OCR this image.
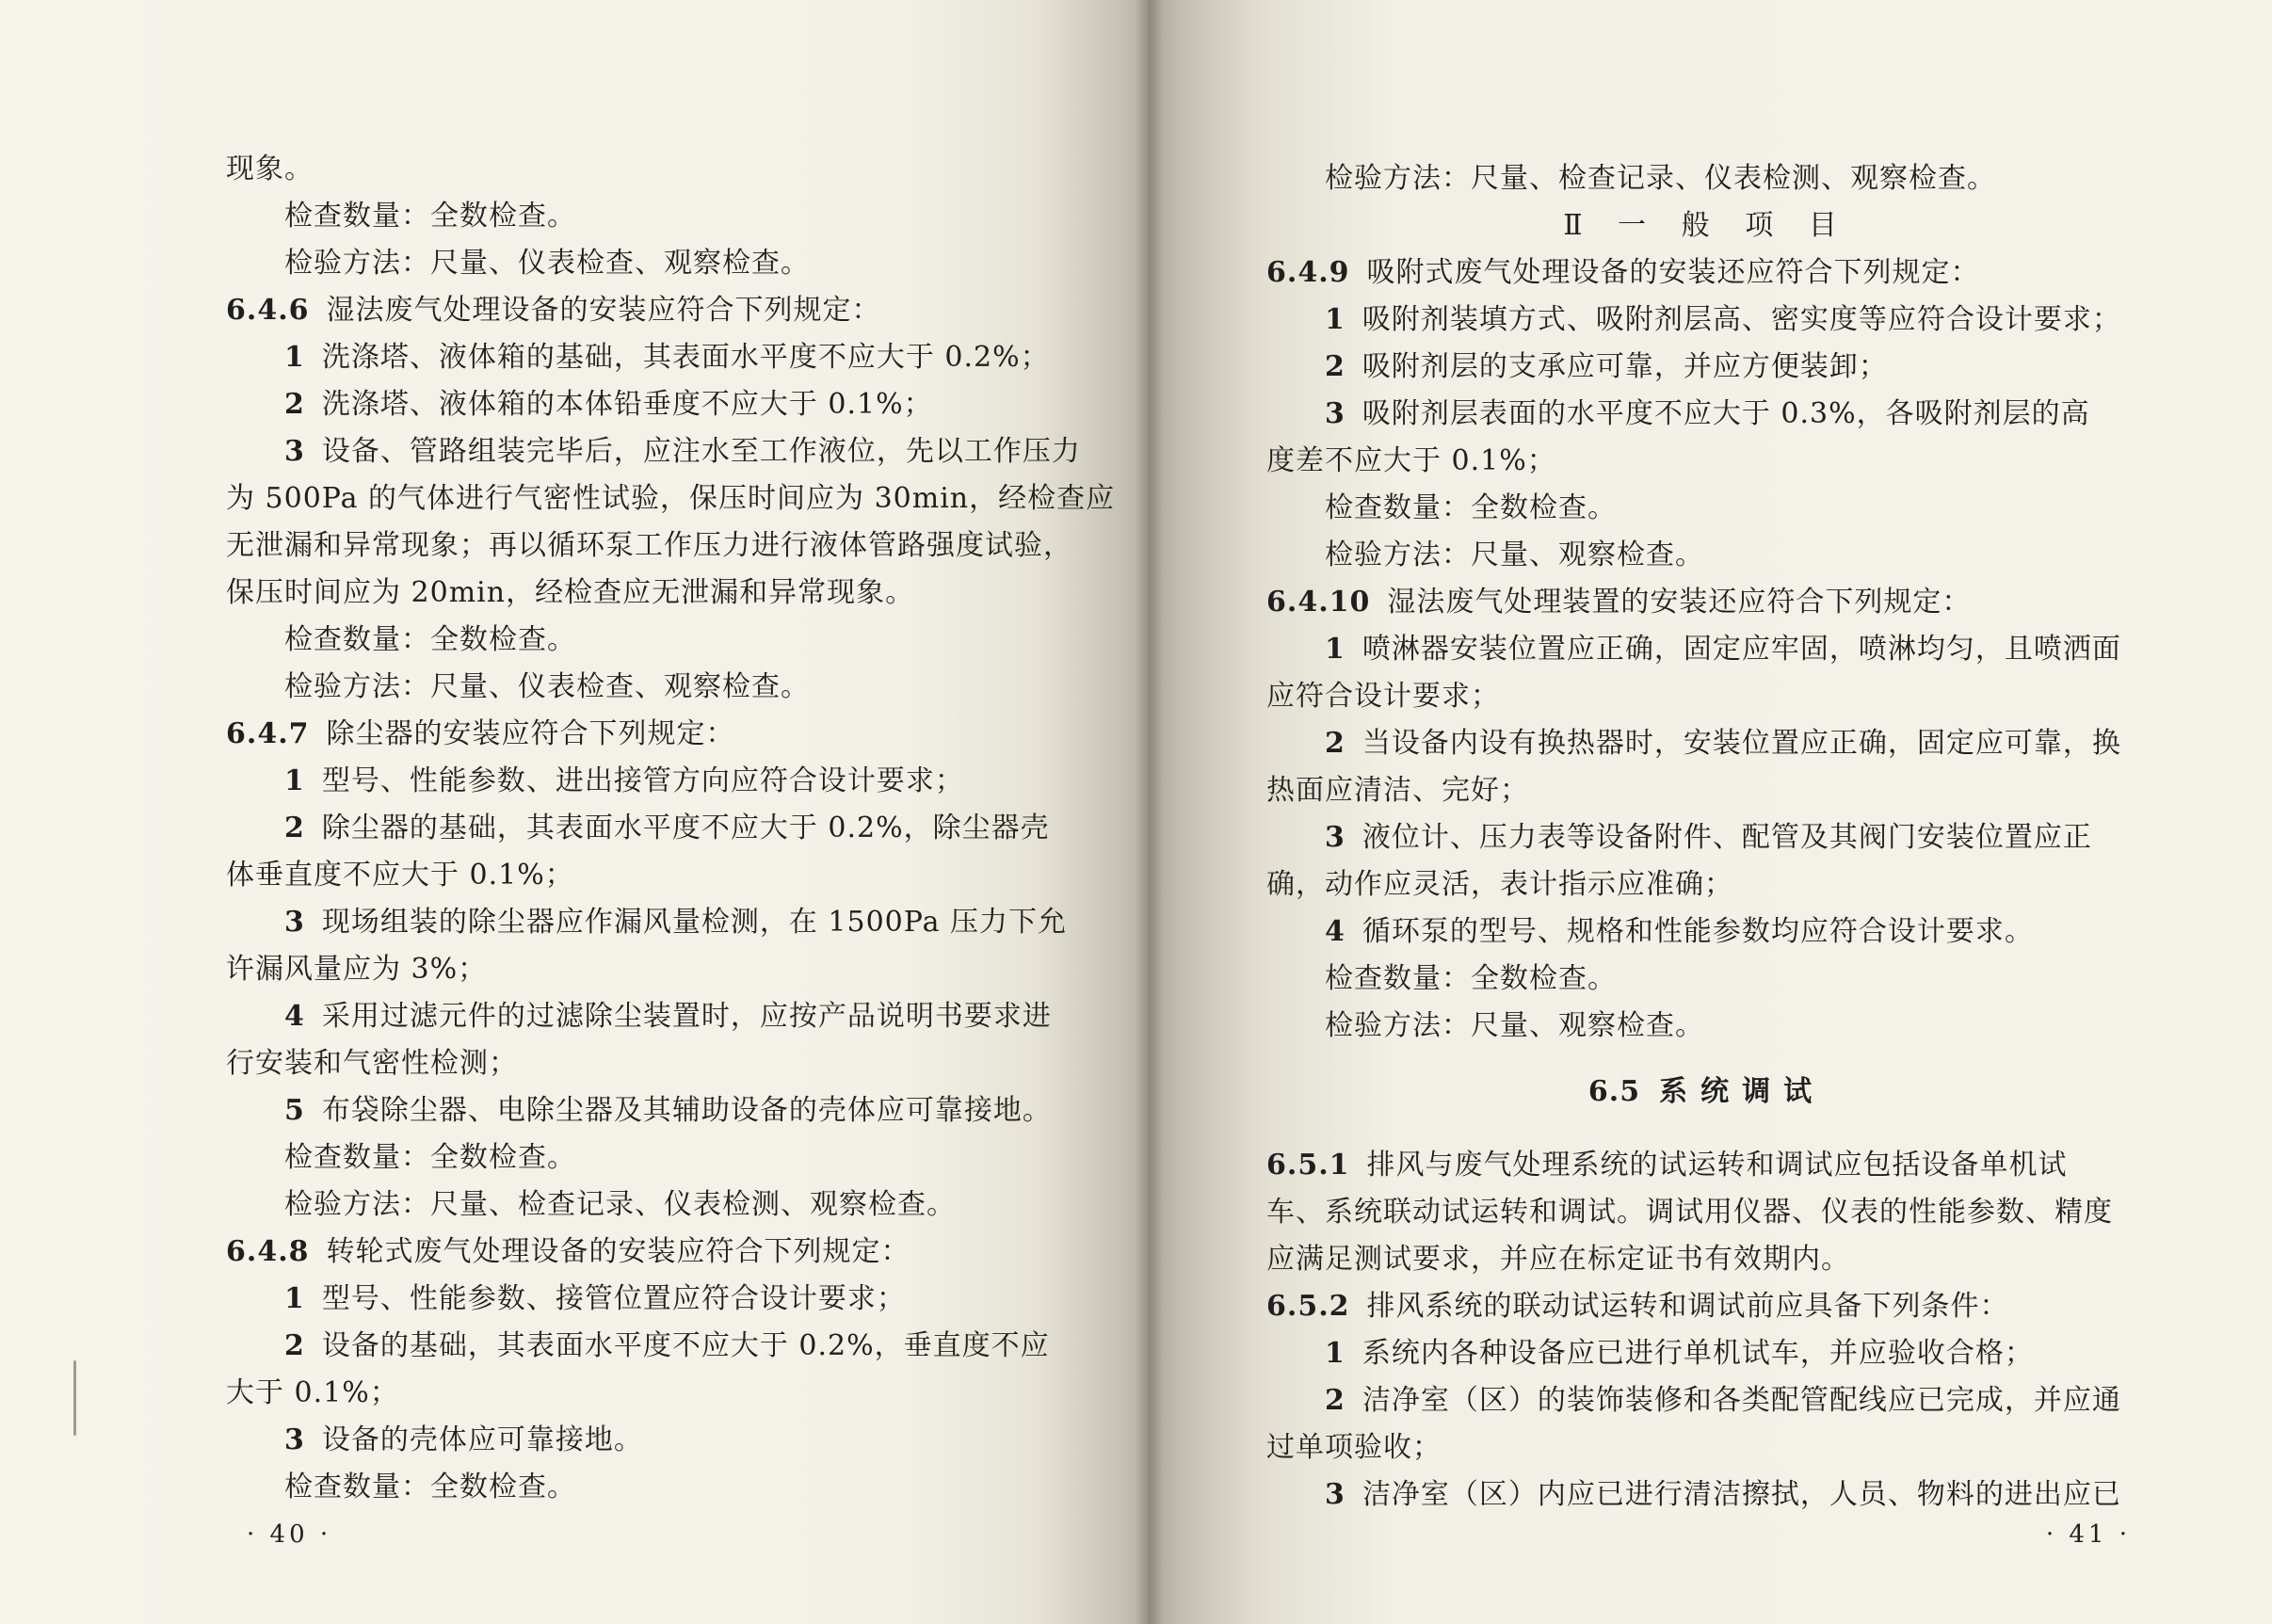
现象。
检查数量：全数检查。
检验方法：尺量、仪表检查、观察检查。
6.4.6 湿法废气处理设备的安装应符合下列规定：
1 洗涤塔、液体箱的基础，其表面水平度不应大于 0.2%；
2 洗涤塔、液体箱的本体铅垂度不应大于 0.1%；
3 设备、管路组装完毕后，应注水至工作液位，先以工作压力
为 500Pa 的气体进行气密性试验，保压时间应为 30min，经检查应
无泄漏和异常现象；再以循环泵工作压力进行液体管路强度试验，
保压时间应为 20min，经检查应无泄漏和异常现象。
检查数量：全数检查。
检验方法：尺量、仪表检查、观察检查。
6.4.7 除尘器的安装应符合下列规定：
1 型号、性能参数、进出接管方向应符合设计要求；
2 除尘器的基础，其表面水平度不应大于 0.2%，除尘器壳
体垂直度不应大于 0.1%；
3 现场组装的除尘器应作漏风量检测，在 1500Pa 压力下允
许漏风量应为 3%；
4 采用过滤元件的过滤除尘装置时，应按产品说明书要求进
行安装和气密性检测；
5 布袋除尘器、电除尘器及其辅助设备的壳体应可靠接地。
检查数量：全数检查。
检验方法：尺量、检查记录、仪表检测、观察检查。
6.4.8 转轮式废气处理设备的安装应符合下列规定：
1 型号、性能参数、接管位置应符合设计要求；
2 设备的基础，其表面水平度不应大于 0.2%，垂直度不应
大于 0.1%；
3 设备的壳体应可靠接地。
检查数量：全数检查。
· 40 ·
检验方法：尺量、检查记录、仪表检测、观察检查。
Ⅱ 一 般 项 目
6.4.9 吸附式废气处理设备的安装还应符合下列规定：
1 吸附剂装填方式、吸附剂层高、密实度等应符合设计要求；
2 吸附剂层的支承应可靠，并应方便装卸；
3 吸附剂层表面的水平度不应大于 0.3%，各吸附剂层的高
度差不应大于 0.1%；
检查数量：全数检查。
检验方法：尺量、观察检查。
6.4.10 湿法废气处理装置的安装还应符合下列规定：
1 喷淋器安装位置应正确，固定应牢固，喷淋均匀，且喷洒面
应符合设计要求；
2 当设备内设有换热器时，安装位置应正确，固定应可靠，换
热面应清洁、完好；
3 液位计、压力表等设备附件、配管及其阀门安装位置应正
确，动作应灵活，表计指示应准确；
4 循环泵的型号、规格和性能参数均应符合设计要求。
检查数量：全数检查。
检验方法：尺量、观察检查。
6.5 系统调试
6.5.1 排风与废气处理系统的试运转和调试应包括设备单机试
车、系统联动试运转和调试。调试用仪器、仪表的性能参数、精度
应满足测试要求，并应在标定证书有效期内。
6.5.2 排风系统的联动试运转和调试前应具备下列条件：
1 系统内各种设备应已进行单机试车，并应验收合格；
2 洁净室（区）的装饰装修和各类配管配线应已完成，并应通
过单项验收；
3 洁净室（区）内应已进行清洁擦拭，人员、物料的进出应已
· 41 ·
